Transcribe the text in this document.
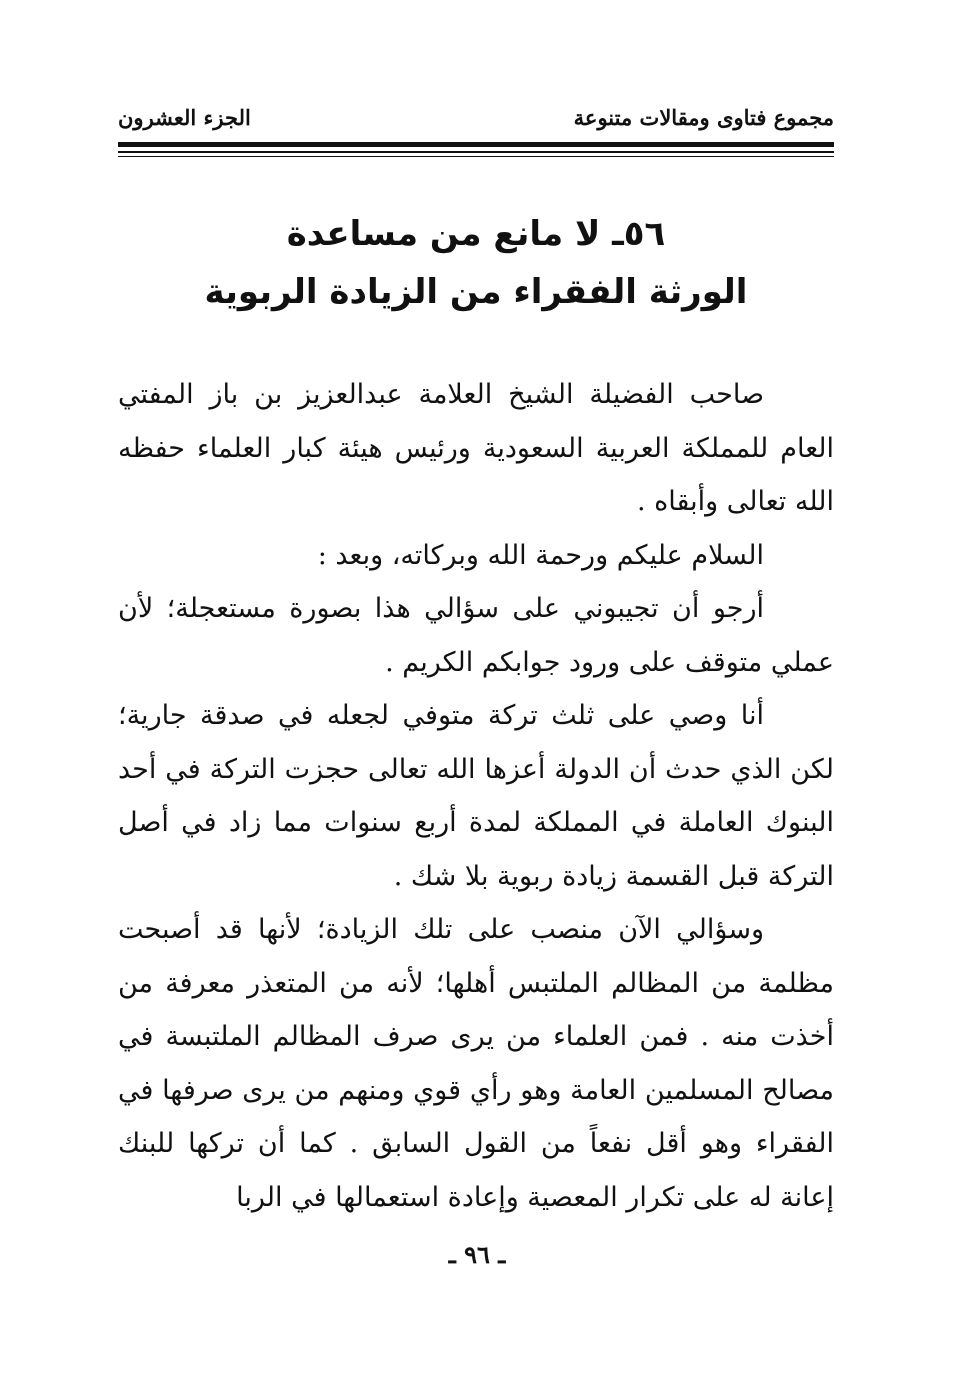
مجموع فتاوى ومقالات متنوعة
الجزء العشرون
٥٦ـ لا مانع من مساعدة
الورثة الفقراء من الزيادة الربوية

صاحب الفضيلة الشيخ العلامة عبدالعزيز بن باز المفتي العام للمملكة العربية السعودية ورئيس هيئة كبار العلماء حفظه الله تعالى وأبقاه .

السلام عليكم ورحمة الله وبركاته، وبعد :

أرجو أن تجيبوني على سؤالي هذا بصورة مستعجلة؛ لأن عملي متوقف على ورود جوابكم الكريم .

أنا وصي على ثلث تركة متوفي لجعله في صدقة جارية؛ لكن الذي حدث أن الدولة أعزها الله تعالى حجزت التركة في أحد البنوك العاملة في المملكة لمدة أربع سنوات مما زاد في أصل التركة قبل القسمة زيادة ربوية بلا شك .

وسؤالي الآن منصب على تلك الزيادة؛ لأنها قد أصبحت مظلمة من المظالم الملتبس أهلها؛ لأنه من المتعذر معرفة من أخذت منه . فمن العلماء من يرى صرف المظالم الملتبسة في مصالح المسلمين العامة وهو رأي قوي ومنهم من يرى صرفها في الفقراء وهو أقل نفعاً من القول السابق . كما أن تركها للبنك إعانة له على تكرار المعصية وإعادة استعمالها في الربا

ـ ٩٦ ـ
